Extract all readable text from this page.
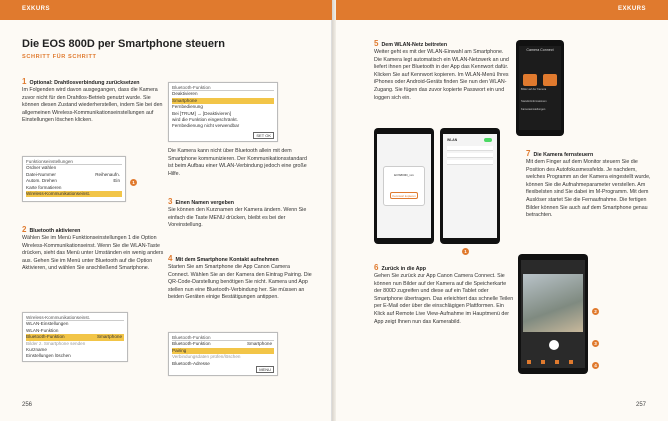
EXKURS
Die EOS 800D per Smartphone steuern
SCHRITT FÜR SCHRITT
1 Optional: Drahtlosverbindung zurücksetzen
Im Folgenden wird davon ausgegangen, dass die Kamera zuvor nicht für den Drahtlos-Betrieb genutzt wurde. Sie können diesen Zustand wiederherstellen, indem Sie bei den allgemeinen Wireless-Kommunikationseinstellungen auf Einstellungen löschen klicken.
Funktionseinstellungen
Ordner wählen
Datei-Nummer	Reihenaufn.
Autom. Drehen	Ein
Karte formatieren
Wireless-Kommunikationseinst.
1
2 Bluetooth aktivieren
Wählen Sie im Menü Funktionseinstellungen 1 die Option Wireless-Kommunikationseinst. Wenn Sie die WLAN-Taste drücken, sieht das Menü unter Umständen ein wenig anders aus. Gehen Sie im Menü unter Bluetooth auf die Option Aktivieren, und wählen Sie anschließend Smartphone.
Wireless-Kommunikationseinst.
WLAN-Einstellungen
WLAN-Funktion
Bluetooth-Funktion	Smartphone
Bilder z. Smartphone senden
Kurzname
Einstellungen löschen
Bluetooth-Funktion
Deaktivieren
Smartphone
Fernbedienung
Bei [TRUM] → [Deaktivieren]
wird die Funktion eingeschränkt.
Fernbedienung nicht verwendbar
SET OK
Die Kamera kann nicht über Bluetooth allein mit dem Smartphone kommunizieren. Der Kommunikationsstandard ist beim Aufbau einer WLAN-Verbindung jedoch eine große Hilfe.
3 Einen Namen vergeben
Sie können den Kurznamen der Kamera ändern. Wenn Sie einfach die Taste MENU drücken, bleibt es bei der Voreinstellung.
4 Mit dem Smartphone Kontakt aufnehmen
Starten Sie am Smartphone die App Canon Camera Connect. Wählen Sie an der Kamera den Eintrag Pairing. Die QR-Code-Darstellung benötigen Sie nicht. Kamera und App stellen nun eine Bluetooth-Verbindung her. Sie müssen an beiden Geräten einige Bestätigungen antippen.
Bluetooth-Funktion
Bluetooth-Funktion	Smartphone
Pairing
Verbindungsdaten prüfen/löschen
Bluetooth-Adresse
MENU
256
EXKURS
5 Dem WLAN-Netz beitreten
Weiter geht es mit der WLAN-Einwahl am Smartphone. Die Kamera legt automatisch ein WLAN-Netzwerk an und liefert ihnen per Bluetooth in der App das Kennwort dafür. Klicken Sie auf Kennwort kopieren. Im WLAN-Menü Ihres iPhones oder Android-Geräts finden Sie nun den WLAN-Zugang. Sie fügen das zuvor kopierte Passwort ein und loggen sich ein.
Camera Connect
Bilder auf der Kamera
Standortinformationen
Kameraeinstellungen
EOS800D_xxx
Kennwort kopieren
WLAN
1
7 Die Kamera fernsteuern
Mit dem Finger auf dem Monitor steuern Sie die Position des Autofokusmessfelds. Je nachdem, welches Programm an der Kamera eingestellt wurde, können Sie die Aufnahmeparameter verstellen. Am flexibelsten sind Sie dabei im M-Programm. Mit dem Auslöser startet Sie die Fernaufnahme. Die fertigen Bilder können Sie auch auf dem Smartphone genau betrachten.
6 Zurück in die App
Gehen Sie zurück zur App Canon Camera Connect. Sie können nun Bilder auf der Kamera auf die Speicherkarte der 800D zugreifen und diese auf ein Tablet oder Smartphone übertragen. Das erleichtert das schnelle Teilen per E-Mail oder über die einschlägigen Plattformen. Ein Klick auf Remote Live View-Aufnahme im Hauptmenü der App zeigt Ihnen nun das Kamerabild.
2
3
4
257
